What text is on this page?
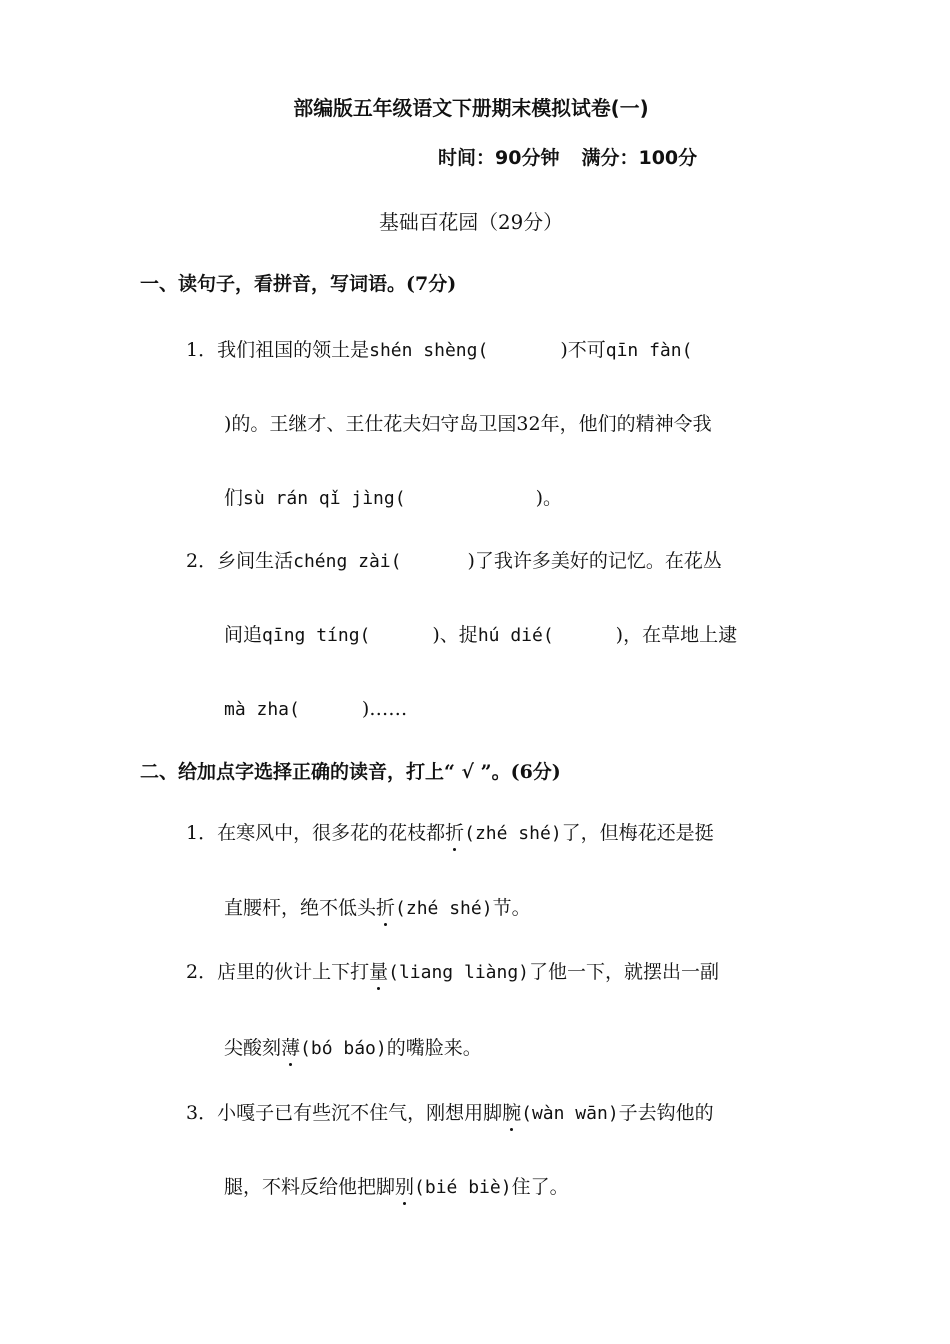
部编版五年级语文下册期末模拟试卷(一)
时间：90分钟 满分：100分
基础百花园（29分）
一、读句子，看拼音，写词语。(7分)
1．我们祖国的领土是shén shèng(	)不可qīn fàn(
)的。王继才、王仕花夫妇守岛卫国32年，他们的精神令我
们sù rán qǐ jìng(	)。
2．乡间生活chéng zài(	)了我许多美好的记忆。在花丛
间追qīng tíng(	)、捉hú dié(	)，在草地上逮
mà zha(	)……
二、给加点字选择正确的读音，打上“ √ ”。(6分)
1．在寒风中，很多花的花枝都折(zhé shé)了，但梅花还是挺
直腰杆，绝不低头折(zhé shé)节。
2．店里的伙计上下打量(liang liàng)了他一下，就摆出一副
尖酸刻薄(bó báo)的嘴脸来。
3．小嘎子已有些沉不住气，刚想用脚腕(wàn wān)子去钩他的
腿，不料反给他把脚别(bié biè)住了。
